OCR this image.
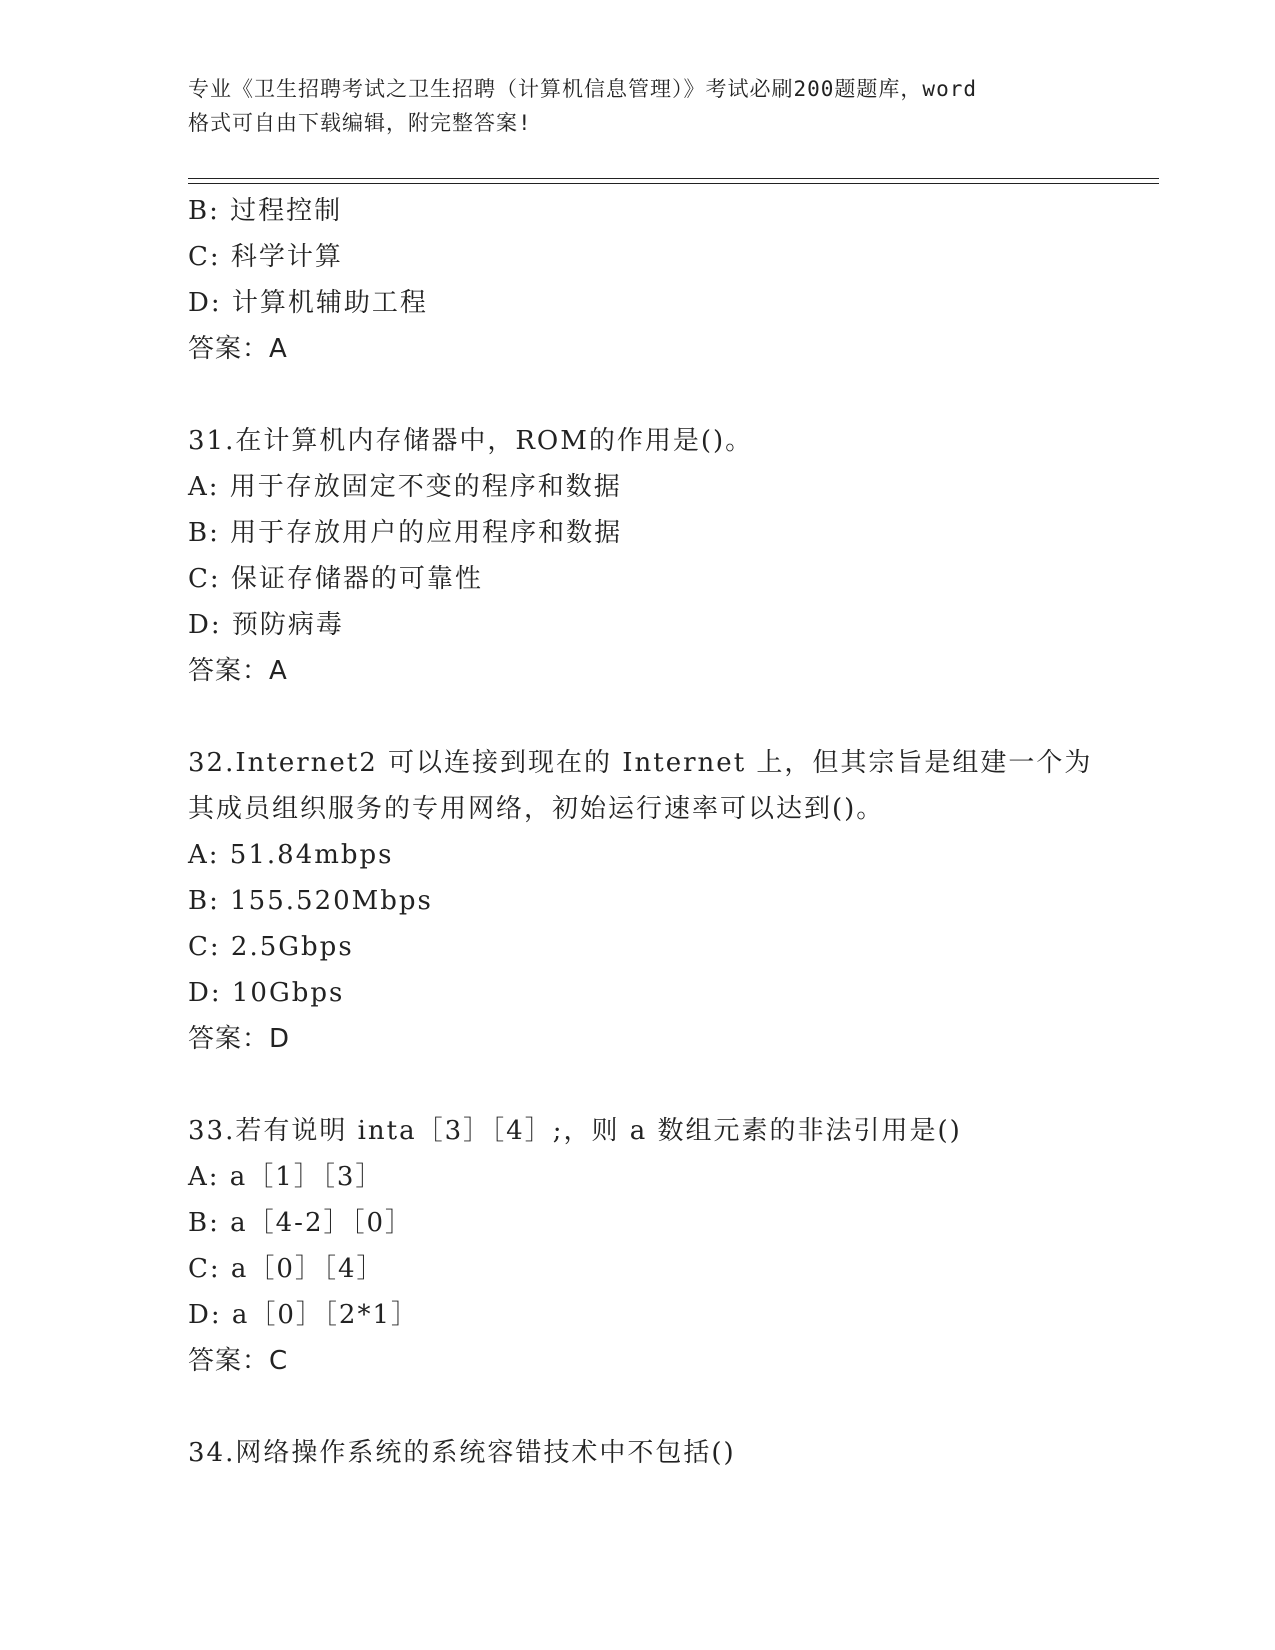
专业《卫生招聘考试之卫生招聘（计算机信息管理）》考试必刷200题题库，word
格式可自由下载编辑，附完整答案!
B: 过程控制
C: 科学计算
D: 计算机辅助工程
答案：A
31.在计算机内存储器中，ROM的作用是()。
A: 用于存放固定不变的程序和数据
B: 用于存放用户的应用程序和数据
C: 保证存储器的可靠性
D: 预防病毒
答案：A
32.Internet2 可以连接到现在的 Internet 上，但其宗旨是组建一个为
其成员组织服务的专用网络，初始运行速率可以达到()。
A: 51.84mbps
B: 155.520Mbps
C: 2.5Gbps
D: 10Gbps
答案：D
33.若有说明 inta［3］［4］;，则 a 数组元素的非法引用是()
A: a［1］［3］
B: a［4-2］［0］
C: a［0］［4］
D: a［0］［2*1］
答案：C
34.网络操作系统的系统容错技术中不包括()
